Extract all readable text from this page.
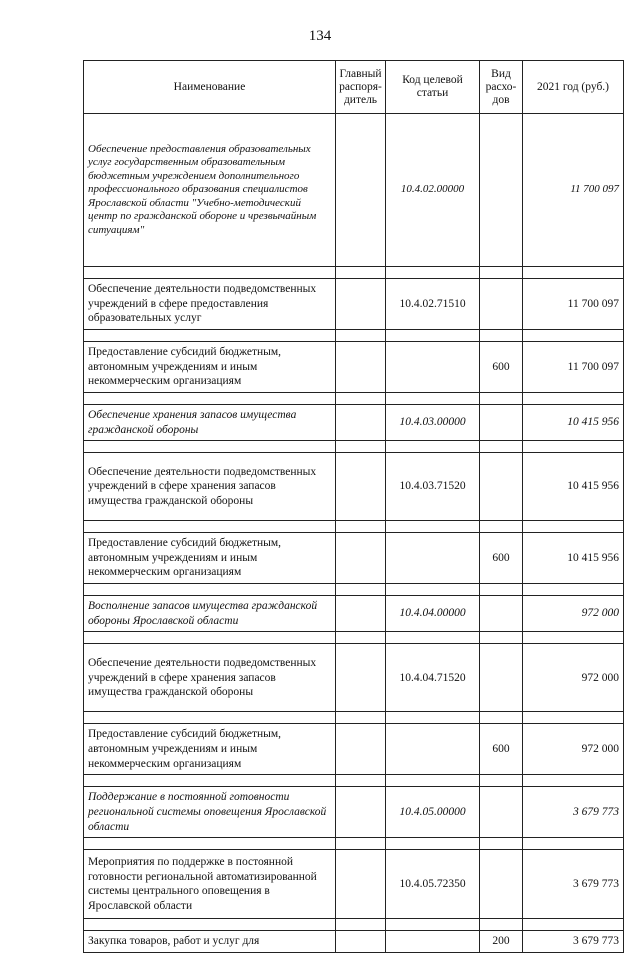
134
Наименование	Главный распоря-дитель	Код целевой статьи	Вид расхо-дов	2021 год (руб.)
Обеспечение предоставления образовательных услуг государственным образовательным бюджетным учреждением дополнительного профессионального образования специалистов Ярославской области "Учебно-методический центр по гражданской обороне и чрезвычайным ситуациям"		10.4.02.00000		11 700 097

Обеспечение деятельности подведомственных учреждений в сфере предоставления образовательных услуг		10.4.02.71510		11 700 097

Предоставление субсидий бюджетным, автономным учреждениям и иным некоммерческим организациям			600	11 700 097

Обеспечение хранения запасов имущества гражданской обороны		10.4.03.00000		10 415 956

Обеспечение деятельности подведомственных учреждений в сфере хранения запасов имущества гражданской обороны		10.4.03.71520		10 415 956

Предоставление субсидий бюджетным, автономным учреждениям и иным некоммерческим организациям			600	10 415 956

Восполнение запасов имущества гражданской обороны Ярославской области		10.4.04.00000		972 000

Обеспечение деятельности подведомственных учреждений в сфере хранения запасов имущества гражданской обороны		10.4.04.71520		972 000

Предоставление субсидий бюджетным, автономным учреждениям и иным некоммерческим организациям			600	972 000

Поддержание в постоянной готовности региональной системы оповещения Ярославской области		10.4.05.00000		3 679 773

Мероприятия по поддержке в постоянной готовности региональной автоматизированной системы центрального оповещения в Ярославской области		10.4.05.72350		3 679 773

Закупка товаров, работ и услуг для			200	3 679 773
